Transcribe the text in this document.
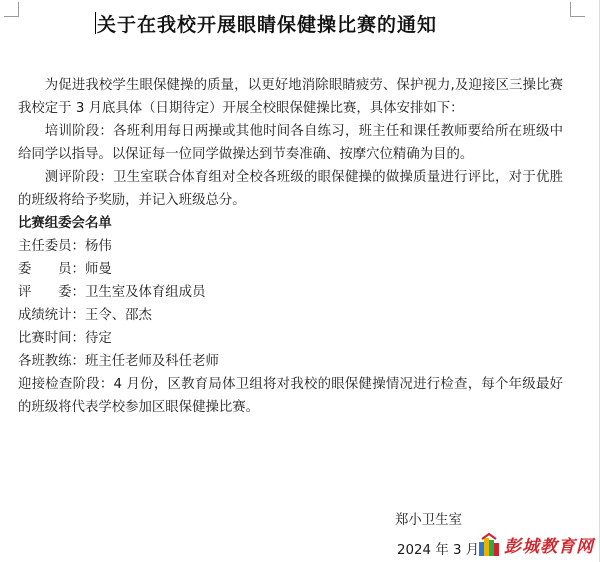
关于在我校开展眼睛保健操比赛的通知

为促进我校学生眼保健操的质量，以更好地消除眼睛疲劳、保护视力,及迎接区三操比赛我校定于 3 月底具体（日期待定）开展全校眼保健操比赛，具体安排如下：

培训阶段：各班利用每日两操或其他时间各自练习，班主任和课任教师要给所在班级中给同学以指导。以保证每一位同学做操达到节奏准确、按摩穴位精确为目的。

测评阶段：卫生室联合体育组对全校各班级的眼保健操的做操质量进行评比，对于优胜的班级将给予奖励，并记入班级总分。

比赛组委会名单

主任委员：杨伟

委　　员：师曼

评　　委：卫生室及体育组成员

成绩统计：王令、邵杰

比赛时间：待定

各班教练：班主任老师及科任老师

迎接检查阶段：4 月份，区教育局体卫组将对我校的眼保健操情况进行检查，每个年级最好的班级将代表学校参加区眼保健操比赛。

郑小卫生室
2024 年 3 月 彭城教育网
